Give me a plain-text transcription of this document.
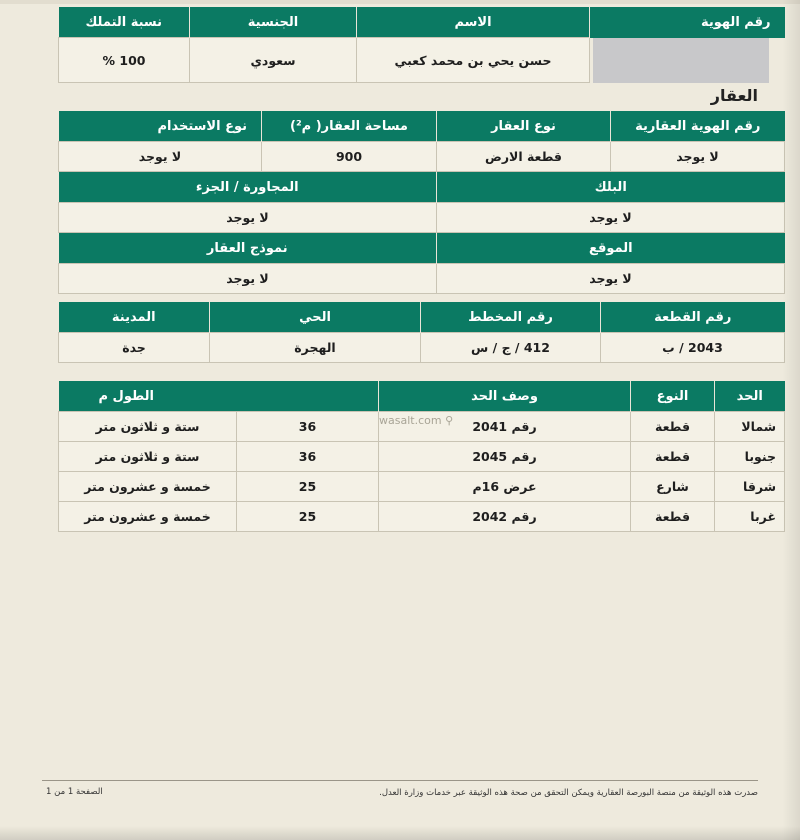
رقم الهوية	الاسم	الجنسية	نسبة التملك
	حسن يحي بن محمد كعبي	سعودي	100 %
العقار
رقم الهوية العقارية	نوع العقار	مساحة العقار( م²)	نوع الاستخدام
لا يوجد	قطعة الارض	900	لا يوجد
البلك		المجاورة / الجزء	
لا يوجد		لا يوجد	
الموقع		نموذج العقار	
لا يوجد		لا يوجد	
رقم القطعة	رقم المخطط	الحي	المدينة
2043 / ب	412 / ج / س	الهجرة	جدة
الحد	النوع	وصف الحد	الطول م	
شمالا	قطعة	رقم 2041	36	ستة و ثلاثون متر
جنوبا	قطعة	رقم 2045	36	ستة و ثلاثون متر
شرقا	شارع	عرض 16م	25	خمسة و عشرون متر
غربا	قطعة	رقم 2042	25	خمسة و عشرون متر
wasalt.com ⚲
صدرت هذه الوثيقة من منصة البورصة العقارية ويمكن التحقق من صحة هذه الوثيقة عبر خدمات وزارة العدل.
الصفحة 1 من 1
